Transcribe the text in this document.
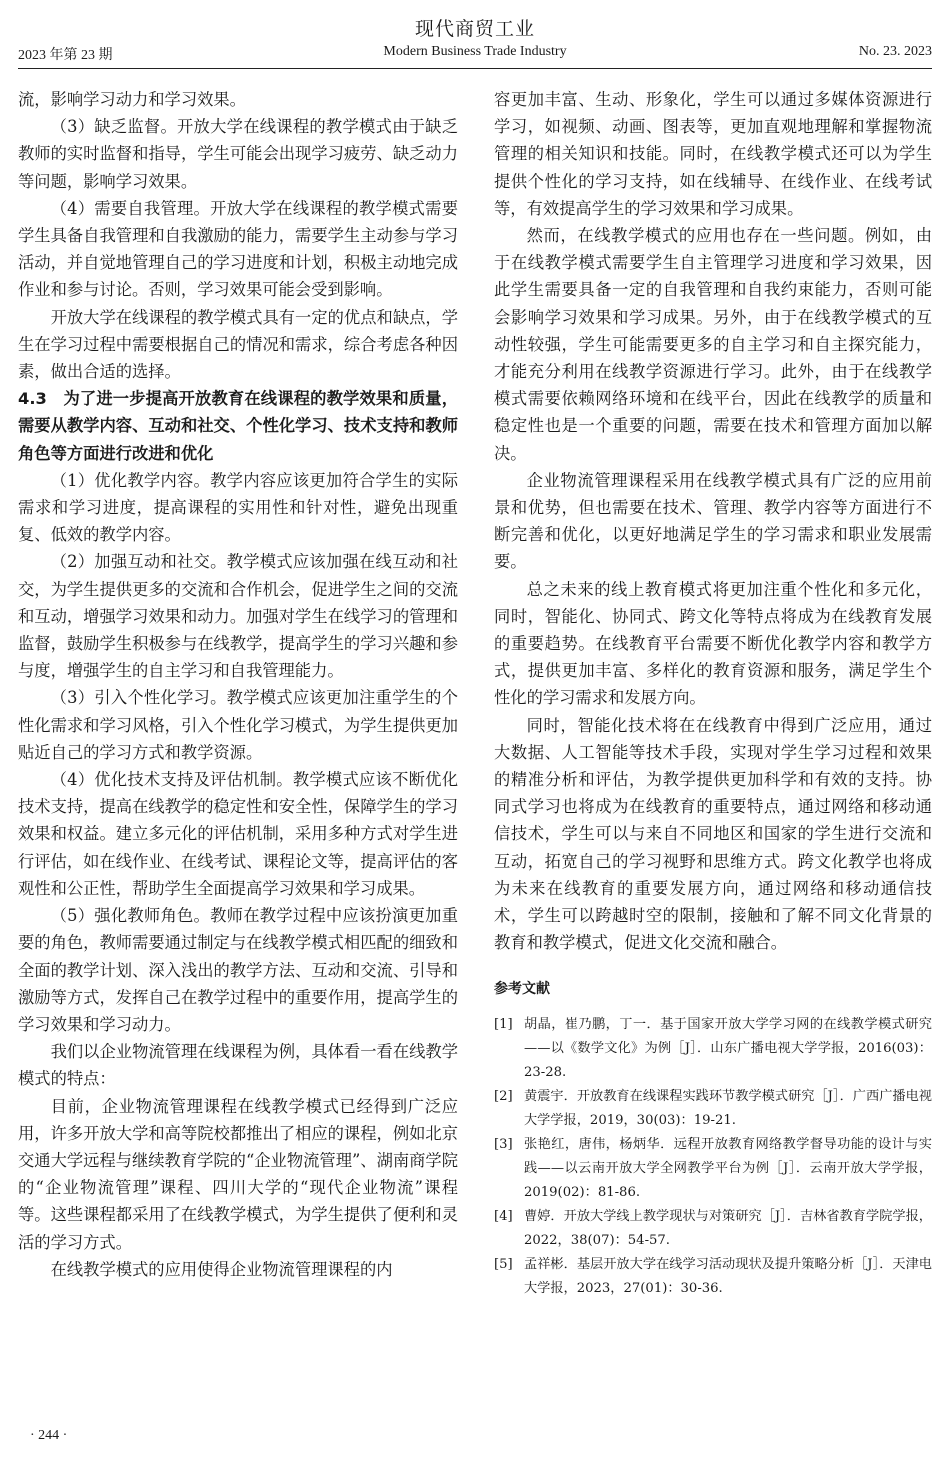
现代商贸工业
2023 年第 23 期	Modern Business Trade Industry	No. 23. 2023

流，影响学习动力和学习效果。

（3）缺乏监督。开放大学在线课程的教学模式由于缺乏教师的实时监督和指导，学生可能会出现学习疲劳、缺乏动力等问题，影响学习效果。

（4）需要自我管理。开放大学在线课程的教学模式需要学生具备自我管理和自我激励的能力，需要学生主动参与学习活动，并自觉地管理自己的学习进度和计划，积极主动地完成作业和参与讨论。否则，学习效果可能会受到影响。

开放大学在线课程的教学模式具有一定的优点和缺点，学生在学习过程中需要根据自己的情况和需求，综合考虑各种因素，做出合适的选择。

4.3　为了进一步提高开放教育在线课程的教学效果和质量，需要从教学内容、互动和社交、个性化学习、技术支持和教师角色等方面进行改进和优化

（1）优化教学内容。教学内容应该更加符合学生的实际需求和学习进度，提高课程的实用性和针对性，避免出现重复、低效的教学内容。

（2）加强互动和社交。教学模式应该加强在线互动和社交，为学生提供更多的交流和合作机会，促进学生之间的交流和互动，增强学习效果和动力。加强对学生在线学习的管理和监督，鼓励学生积极参与在线教学，提高学生的学习兴趣和参与度，增强学生的自主学习和自我管理能力。

（3）引入个性化学习。教学模式应该更加注重学生的个性化需求和学习风格，引入个性化学习模式，为学生提供更加贴近自己的学习方式和教学资源。

（4）优化技术支持及评估机制。教学模式应该不断优化技术支持，提高在线教学的稳定性和安全性，保障学生的学习效果和权益。建立多元化的评估机制，采用多种方式对学生进行评估，如在线作业、在线考试、课程论文等，提高评估的客观性和公正性，帮助学生全面提高学习效果和学习成果。

（5）强化教师角色。教师在教学过程中应该扮演更加重要的角色，教师需要通过制定与在线教学模式相匹配的细致和全面的教学计划、深入浅出的教学方法、互动和交流、引导和激励等方式，发挥自己在教学过程中的重要作用，提高学生的学习效果和学习动力。

我们以企业物流管理在线课程为例，具体看一看在线教学模式的特点：

目前，企业物流管理课程在线教学模式已经得到广泛应用，许多开放大学和高等院校都推出了相应的课程，例如北京交通大学远程与继续教育学院的“企业物流管理”、湖南商学院的“企业物流管理”课程、四川大学的“现代企业物流”课程等。这些课程都采用了在线教学模式，为学生提供了便利和灵活的学习方式。

在线教学模式的应用使得企业物流管理课程的内

容更加丰富、生动、形象化，学生可以通过多媒体资源进行学习，如视频、动画、图表等，更加直观地理解和掌握物流管理的相关知识和技能。同时，在线教学模式还可以为学生提供个性化的学习支持，如在线辅导、在线作业、在线考试等，有效提高学生的学习效果和学习成果。

然而，在线教学模式的应用也存在一些问题。例如，由于在线教学模式需要学生自主管理学习进度和学习效果，因此学生需要具备一定的自我管理和自我约束能力，否则可能会影响学习效果和学习成果。另外，由于在线教学模式的互动性较强，学生可能需要更多的自主学习和自主探究能力，才能充分利用在线教学资源进行学习。此外，由于在线教学模式需要依赖网络环境和在线平台，因此在线教学的质量和稳定性也是一个重要的问题，需要在技术和管理方面加以解决。

企业物流管理课程采用在线教学模式具有广泛的应用前景和优势，但也需要在技术、管理、教学内容等方面进行不断完善和优化，以更好地满足学生的学习需求和职业发展需要。

总之未来的线上教育模式将更加注重个性化和多元化，同时，智能化、协同式、跨文化等特点将成为在线教育发展的重要趋势。在线教育平台需要不断优化教学内容和教学方式，提供更加丰富、多样化的教育资源和服务，满足学生个性化的学习需求和发展方向。

同时，智能化技术将在在线教育中得到广泛应用，通过大数据、人工智能等技术手段，实现对学生学习过程和效果的精准分析和评估，为教学提供更加科学和有效的支持。协同式学习也将成为在线教育的重要特点，通过网络和移动通信技术，学生可以与来自不同地区和国家的学生进行交流和互动，拓宽自己的学习视野和思维方式。跨文化教学也将成为未来在线教育的重要发展方向，通过网络和移动通信技术，学生可以跨越时空的限制，接触和了解不同文化背景的教育和教学模式，促进文化交流和融合。

参考文献
[1] 胡晶，崔乃鹏，丁一．基于国家开放大学学习网的在线教学模式研究——以《数学文化》为例［J］．山东广播电视大学学报，2016(03)：23-28.
[2] 黄震宇．开放教育在线课程实践环节教学模式研究［J］．广西广播电视大学学报，2019，30(03)：19-21.
[3] 张艳红，唐伟，杨炳华．远程开放教育网络教学督导功能的设计与实践——以云南开放大学全网教学平台为例［J］．云南开放大学学报，2019(02)：81-86.
[4] 曹婷．开放大学线上教学现状与对策研究［J］．吉林省教育学院学报，2022，38(07)：54-57.
[5] 孟祥彬．基层开放大学在线学习活动现状及提升策略分析［J］．天津电大学报，2023，27(01)：30-36.
· 244 ·
